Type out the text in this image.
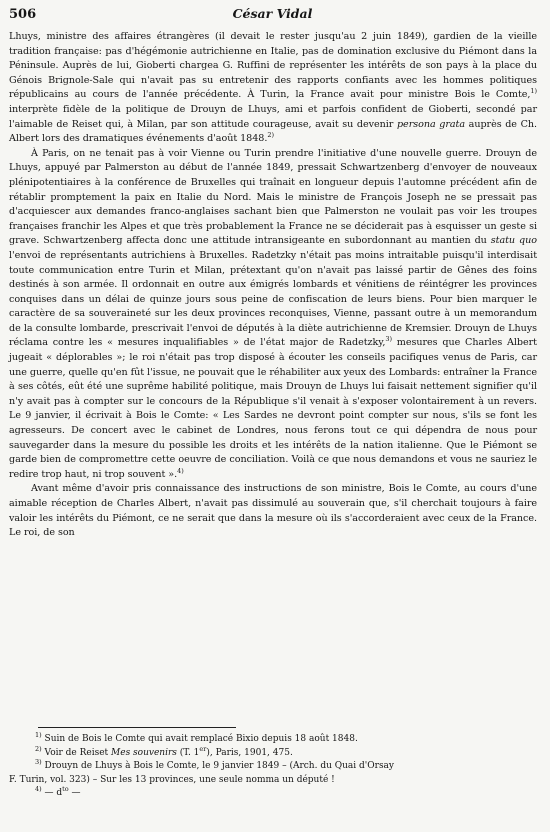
506	César Vidal

Lhuys, ministre des affaires étrangères (il devait le rester jusqu'au 2 juin 1849), gardien de la vieille tradition française: pas d'hégémonie autrichienne en Italie, pas de domination exclusive du Piémont dans la Péninsule. Auprès de lui, Gioberti chargea G. Ruffini de représenter les intérêts de son pays à la place du Génois Brignole-Sale qui n'avait pas su entretenir des rapports confiants avec les hommes politiques républicains au cours de l'année précédente. À Turin, la France avait pour ministre Bois le Comte,$^{1)}$ interprète fidèle de la politique de Drouyn de Lhuys, ami et parfois confident de Gioberti, secondé par l'aimable de Reiset qui, à Milan, par son attitude courageuse, avait su devenir persona grata auprès de Ch. Albert lors des dramatiques événements d'août 1848.$^{2)}$

À Paris, on ne tenait pas à voir Vienne ou Turin prendre l'initiative d'une nouvelle guerre. Drouyn de Lhuys, appuyé par Palmerston au début de l'année 1849, pressait Schwartzenberg d'envoyer de nouveaux plénipotentiaires à la conférence de Bruxelles qui traînait en longueur depuis l'automne précédent afin de rétablir promptement la paix en Italie du Nord. Mais le ministre de François Joseph ne se pressait pas d'acquiescer aux demandes franco-anglaises sachant bien que Palmerston ne voulait pas voir les troupes françaises franchir les Alpes et que très probablement la France ne se déciderait pas à esquisser un geste si grave. Schwartzenberg affecta donc une attitude intransigeante en subordonnant au mantien du statu quo l'envoi de représentants autrichiens à Bruxelles. Radetzky n'était pas moins intraitable puisqu'il interdisait toute communication entre Turin et Milan, prétextant qu'on n'avait pas laissé partir de Gênes des foins destinés à son armée. Il ordonnait en outre aux émigrés lombards et vénitiens de réintégrer les provinces conquises dans un délai de quinze jours sous peine de confiscation de leurs biens. Pour bien marquer le caractère de sa souveraineté sur les deux provinces reconquises, Vienne, passant outre à un memorandum de la consulte lombarde, prescrivait l'envoi de députés à la diète autrichienne de Kremsier. Drouyn de Lhuys réclama contre les « mesures inqualifiables » de l'état major de Radetzky,$^{3)}$ mesures que Charles Albert jugeait « déplorables »; le roi n'était pas trop disposé à écouter les conseils pacifiques venus de Paris, car une guerre, quelle qu'en fût l'issue, ne pouvait que le réhabiliter aux yeux des Lombards: entraîner la France à ses côtés, eût été une suprême habilité politique, mais Drouyn de Lhuys lui faisait nettement signifier qu'il n'y avait pas à compter sur le concours de la République s'il venait à s'exposer volontairement à un revers. Le 9 janvier, il écrivait à Bois le Comte: « Les Sardes ne devront point compter sur nous, s'ils se font les agresseurs. De concert avec le cabinet de Londres, nous ferons tout ce qui dépendra de nous pour sauvegarder dans la mesure du possible les droits et les intérêts de la nation italienne. Que le Piémont se garde bien de compromettre cette oeuvre de conciliation. Voilà ce que nous demandons et vous ne sauriez le redire trop haut, ni trop souvent ».$^{4)}$

Avant même d'avoir pris connaissance des instructions de son ministre, Bois le Comte, au cours d'une aimable réception de Charles Albert, n'avait pas dissimulé au souverain que, s'il cherchait toujours à faire valoir les intérêts du Piémont, ce ne serait que dans la mesure où ils s'accorderaient avec ceux de la France. Le roi, de son

$^{1)}$ Suin de Bois le Comte qui avait remplacé Bixio depuis 18 août 1848.
$^{2)}$ Voir de Reiset Mes souvenirs (T. 1er), Paris, 1901, 475.
$^{3)}$ Drouyn de Lhuys à Bois le Comte, le 9 janvier 1849 – (Arch. du Quai d'Orsay
F. Turin, vol. 323) – Sur les 13 provinces, une seule nomma un député !
$^{4)}$ — $d^{to}$ —
